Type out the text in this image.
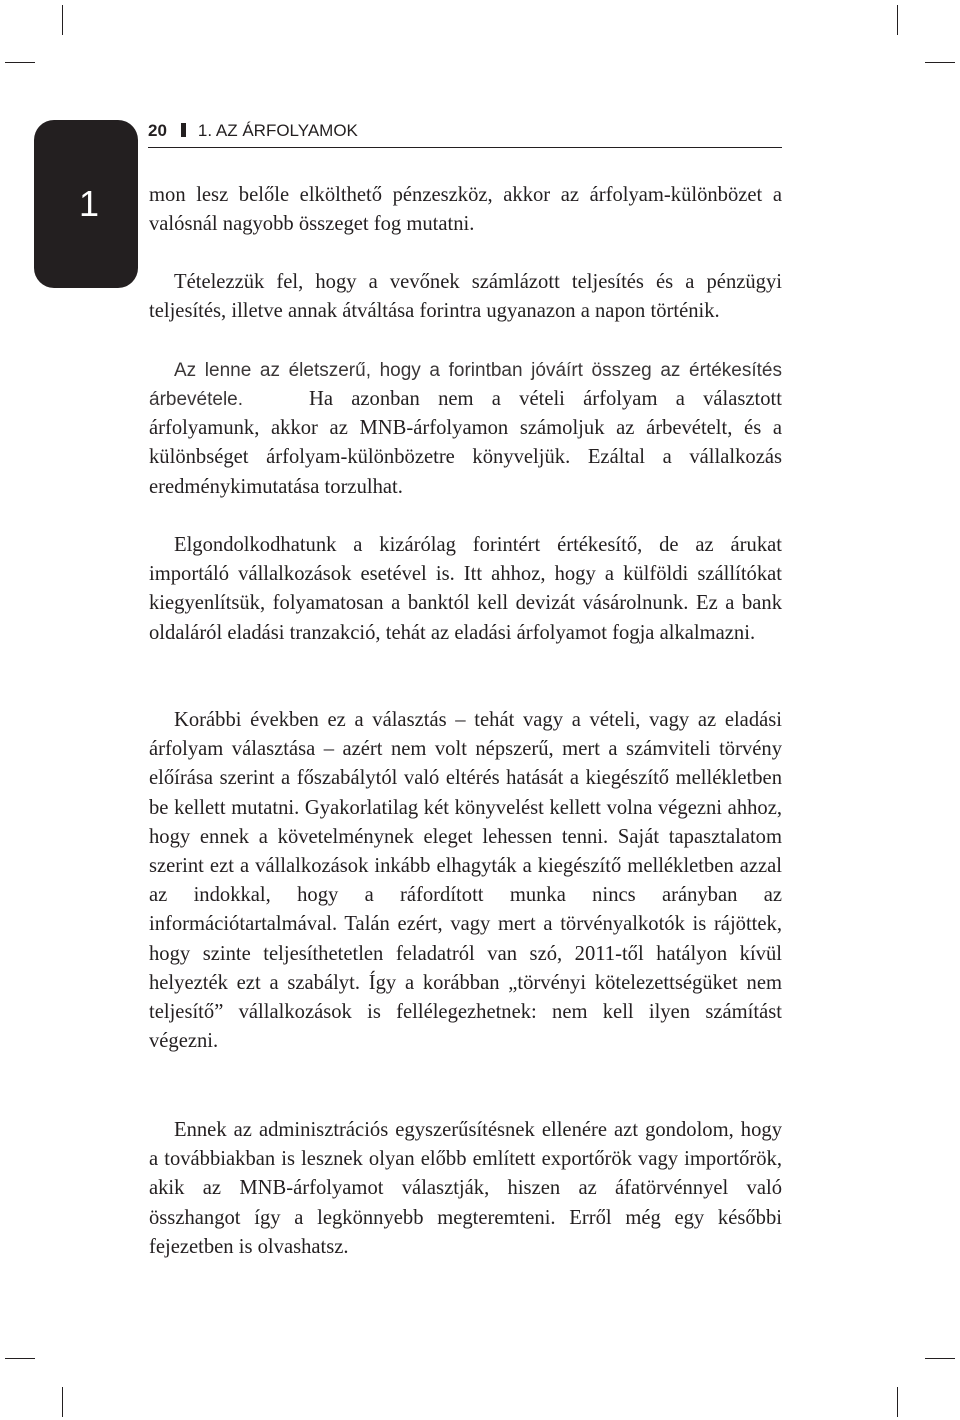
1
20 1. AZ ÁRFOLYAMOK

mon lesz belőle elkölthető pénzeszköz, akkor az árfolyam-különbözet a valósnál nagyobb összeget fog mutatni.

Tételezzük fel, hogy a vevőnek számlázott teljesítés és a pénzügyi teljesítés, illetve annak átváltása forintra ugyanazon a napon történik.

Az lenne az életszerű, hogy a forintban jóváírt összeg az értékesítés árbevétele.	Ha azonban nem a vételi árfolyam a választott árfolyamunk, akkor az MNB-árfolyamon számoljuk az árbevételt, és a különbséget árfolyam-különbözetre könyveljük. Ezáltal a vállalkozás eredménykimutatása torzulhat.

Elgondolkodhatunk a kizárólag forintért értékesítő, de az árukat importáló vállalkozások esetével is. Itt ahhoz, hogy a külföldi szállítókat kiegyenlítsük, folyamatosan a banktól kell devizát vásárolnunk. Ez a bank oldaláról eladási tranzakció, tehát az eladási árfolyamot fogja alkalmazni.

Korábbi években ez a választás – tehát vagy a vételi, vagy az eladási árfolyam választása – azért nem volt népszerű, mert a számviteli törvény előírása szerint a főszabálytól való eltérés hatását a kiegészítő mellékletben be kellett mutatni. Gyakorlatilag két könyvelést kellett volna végezni ahhoz, hogy ennek a követelménynek eleget lehessen tenni. Saját tapasztalatom szerint ezt a vállalkozások inkább elhagyták a kiegészítő mellékletben azzal az indokkal, hogy a ráfordított munka nincs arányban az információtartalmával. Talán ezért, vagy mert a törvényalkotók is rájöttek, hogy szinte teljesíthetetlen feladatról van szó, 2011-től hatályon kívül helyezték ezt a szabályt. Így a korábban „törvényi kötelezettségüket nem teljesítő” vállalkozások is fellélegezhetnek: nem kell ilyen számítást végezni.

Ennek az adminisztrációs egyszerűsítésnek ellenére azt gondolom, hogy a továbbiakban is lesznek olyan előbb említett exportőrök vagy importőrök, akik az MNB-árfolyamot választják, hiszen az áfatörvénnyel való összhangot így a legkönnyebb megteremteni. Erről még egy későbbi fejezetben is olvashatsz.
